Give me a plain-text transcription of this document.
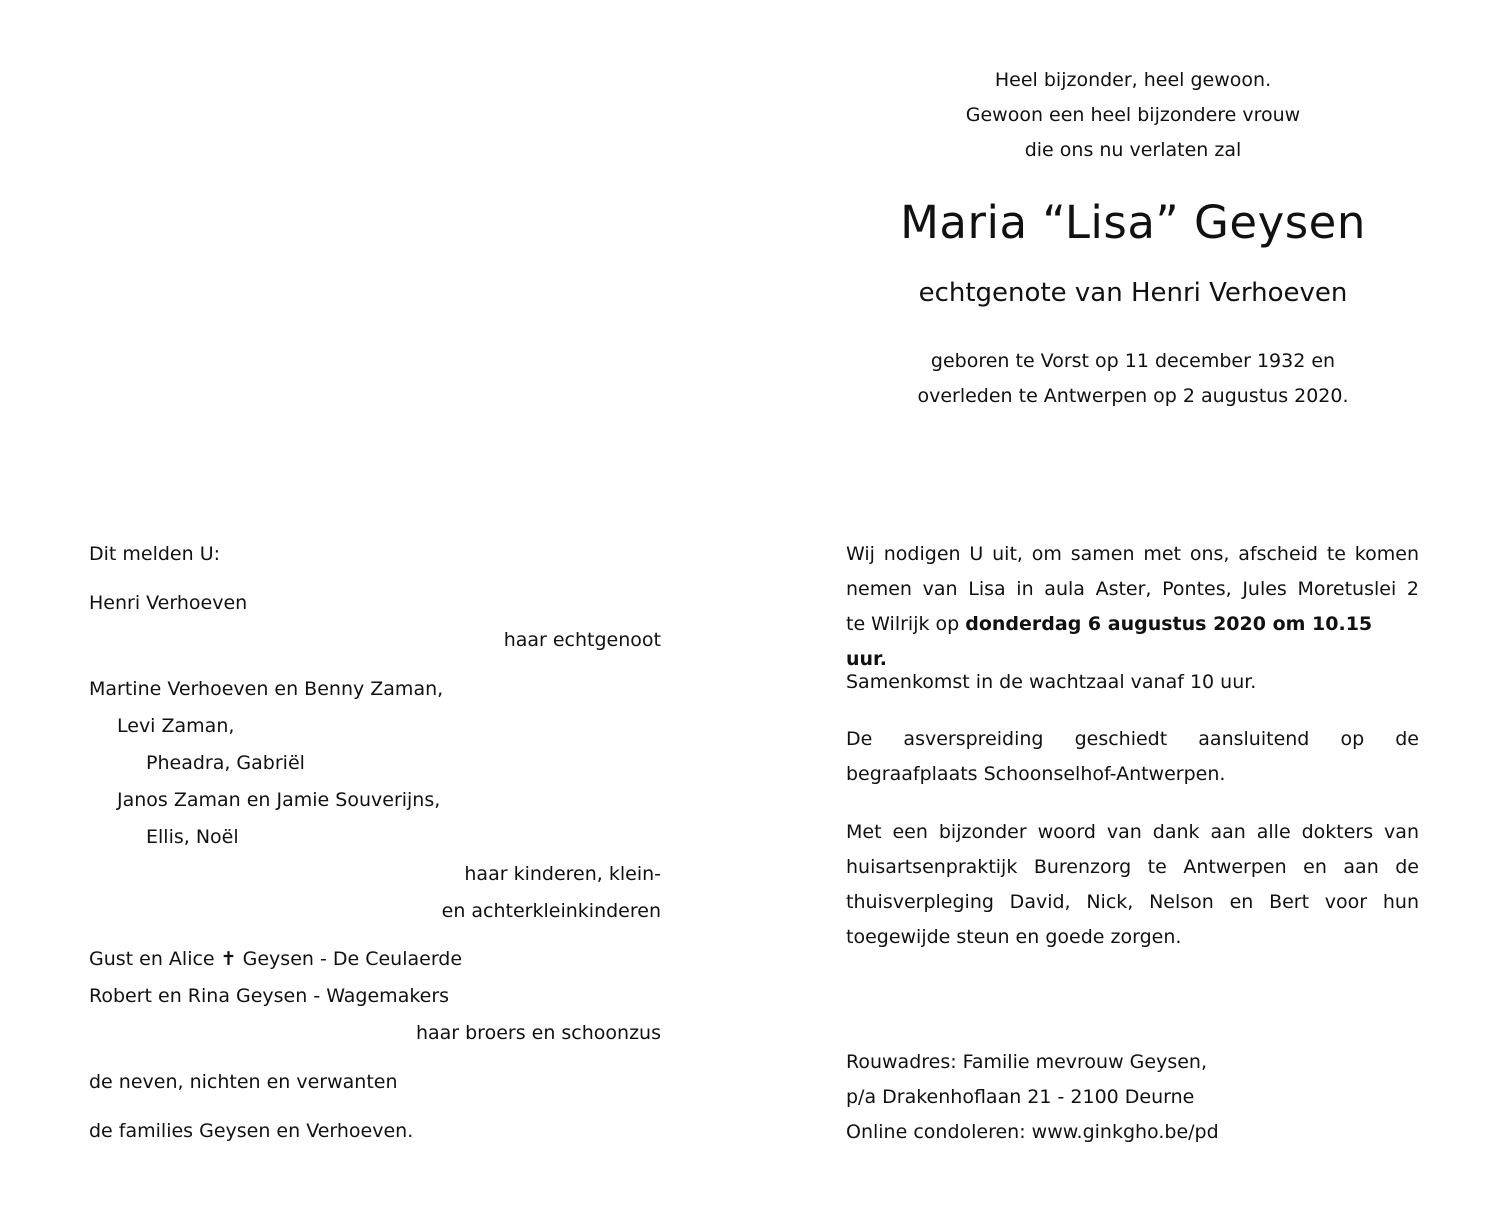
Heel bijzonder, heel gewoon.
Gewoon een heel bijzondere vrouw
die ons nu verlaten zal
Maria “Lisa” Geysen
echtgenote van Henri Verhoeven
geboren te Vorst op 11 december 1932 en
overleden te Antwerpen op 2 augustus 2020.
Dit melden U:
Henri Verhoeven
haar echtgenoot
Martine Verhoeven en Benny Zaman,
Levi Zaman,
Pheadra, Gabriël
Janos Zaman en Jamie Souverijns,
Ellis, Noël
haar kinderen, klein-
en achterkleinkinderen
Gust en Alice ✝ Geysen - De Ceulaerde
Robert en Rina Geysen - Wagemakers
haar broers en schoonzus
de neven, nichten en verwanten
de families Geysen en Verhoeven.
Wij nodigen U uit, om samen met ons, afscheid te komen
nemen van Lisa in aula Aster, Pontes, Jules Moretuslei 2
te Wilrijk op donderdag 6 augustus 2020 om 10.15 uur.
Samenkomst in de wachtzaal vanaf 10 uur.
De asverspreiding geschiedt aansluitend op de
begraafplaats Schoonselhof-Antwerpen.
Met een bijzonder woord van dank aan alle dokters van
huisartsenpraktijk Burenzorg te Antwerpen en aan de
thuisverpleging David, Nick, Nelson en Bert voor hun
toegewijde steun en goede zorgen.
Rouwadres: Familie mevrouw Geysen,
p/a Drakenhoflaan 21 - 2100 Deurne
Online condoleren: www.ginkgho.be/pd
